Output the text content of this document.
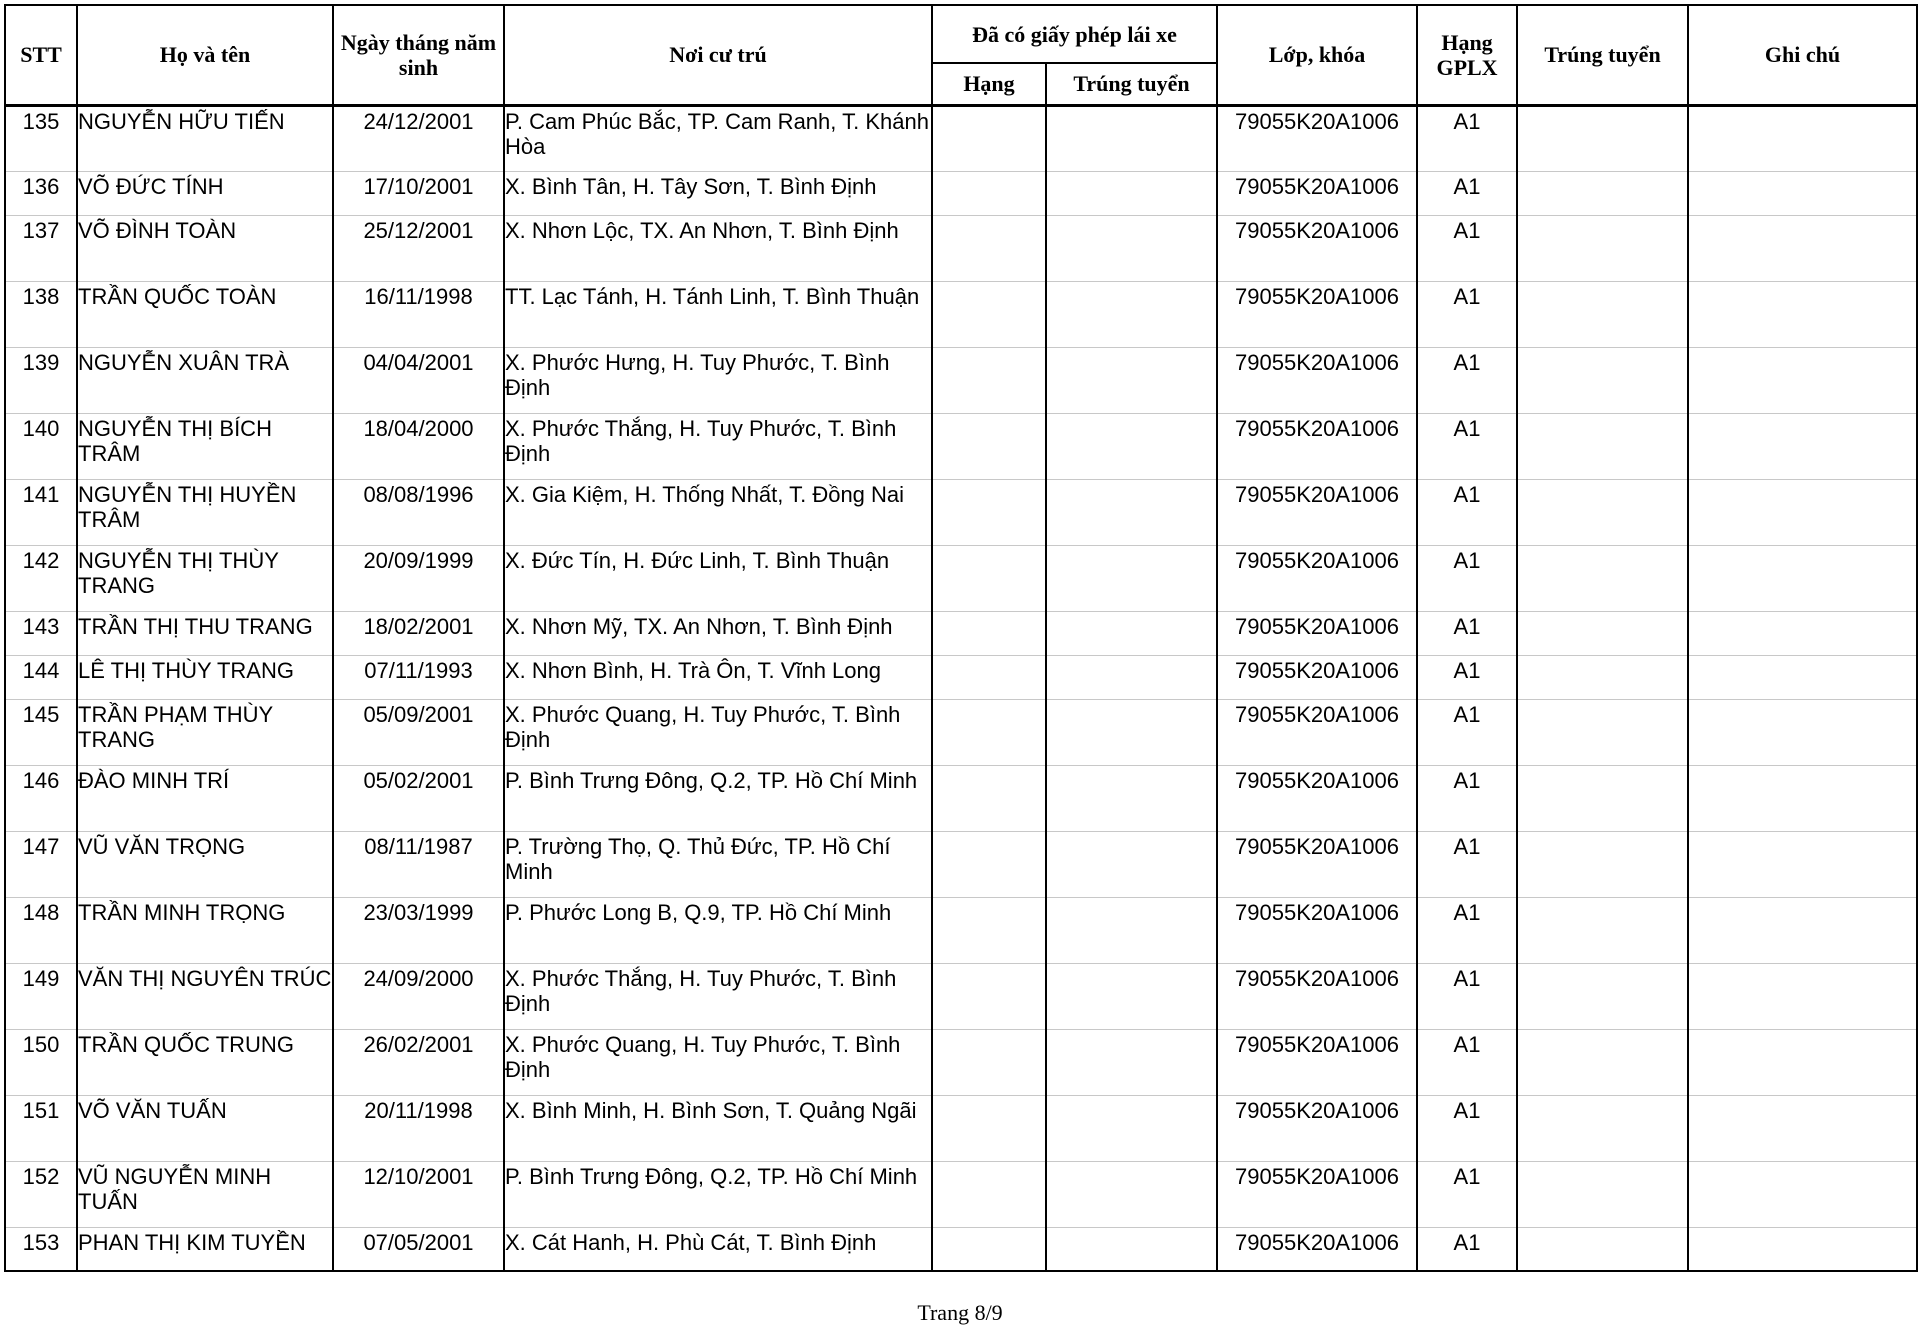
STT	Họ và tên	Ngày tháng năm sinh	Nơi cư trú	Đã có giấy phép lái xe		Lớp, khóa	Hạng GPLX	Trúng tuyển	Ghi chú
				Hạng	Trúng tuyển				
135	NGUYỄN HỮU TIẾN	24/12/2001	P. Cam Phúc Bắc, TP. Cam Ranh, T. Khánh Hòa			79055K20A1006	A1		
136	VÕ ĐỨC TÍNH	17/10/2001	X. Bình Tân, H. Tây Sơn, T. Bình Định			79055K20A1006	A1		
137	VÕ ĐÌNH TOÀN	25/12/2001	X. Nhơn Lộc, TX. An Nhơn, T. Bình Định			79055K20A1006	A1		
138	TRẦN QUỐC TOÀN	16/11/1998	TT. Lạc Tánh, H. Tánh Linh, T. Bình Thuận			79055K20A1006	A1		
139	NGUYỄN XUÂN TRÀ	04/04/2001	X. Phước Hưng, H. Tuy Phước, T. Bình Định			79055K20A1006	A1		
140	NGUYỄN THỊ BÍCH TRÂM	18/04/2000	X. Phước Thắng, H. Tuy Phước, T. Bình Định			79055K20A1006	A1		
141	NGUYỄN THỊ HUYỀN TRÂM	08/08/1996	X. Gia Kiệm, H. Thống Nhất, T. Đồng Nai			79055K20A1006	A1		
142	NGUYỄN THỊ THÙY TRANG	20/09/1999	X. Đức Tín, H. Đức Linh, T. Bình Thuận			79055K20A1006	A1		
143	TRẦN THỊ THU TRANG	18/02/2001	X. Nhơn Mỹ, TX. An Nhơn, T. Bình Định			79055K20A1006	A1		
144	LÊ THỊ THÙY TRANG	07/11/1993	X. Nhơn Bình, H. Trà Ôn, T. Vĩnh Long			79055K20A1006	A1		
145	TRẦN PHẠM THÙY TRANG	05/09/2001	X. Phước Quang, H. Tuy Phước, T. Bình Định			79055K20A1006	A1		
146	ĐÀO MINH TRÍ	05/02/2001	P. Bình Trưng Đông, Q.2, TP. Hồ Chí Minh			79055K20A1006	A1		
147	VŨ VĂN TRỌNG	08/11/1987	P. Trường Thọ, Q. Thủ Đức, TP. Hồ Chí Minh			79055K20A1006	A1		
148	TRẦN MINH TRỌNG	23/03/1999	P. Phước Long B, Q.9, TP. Hồ Chí Minh			79055K20A1006	A1		
149	VĂN THỊ NGUYÊN TRÚC	24/09/2000	X. Phước Thắng, H. Tuy Phước, T. Bình Định			79055K20A1006	A1		
150	TRẦN QUỐC TRUNG	26/02/2001	X. Phước Quang, H. Tuy Phước, T. Bình Định			79055K20A1006	A1		
151	VÕ VĂN TUẤN	20/11/1998	X. Bình Minh, H. Bình Sơn, T. Quảng Ngãi			79055K20A1006	A1		
152	VŨ NGUYỄN MINH TUẤN	12/10/2001	P. Bình Trưng Đông, Q.2, TP. Hồ Chí Minh			79055K20A1006	A1		
153	PHAN THỊ KIM TUYỀN	07/05/2001	X. Cát Hanh, H. Phù Cát, T. Bình Định			79055K20A1006	A1		
Trang 8/9
